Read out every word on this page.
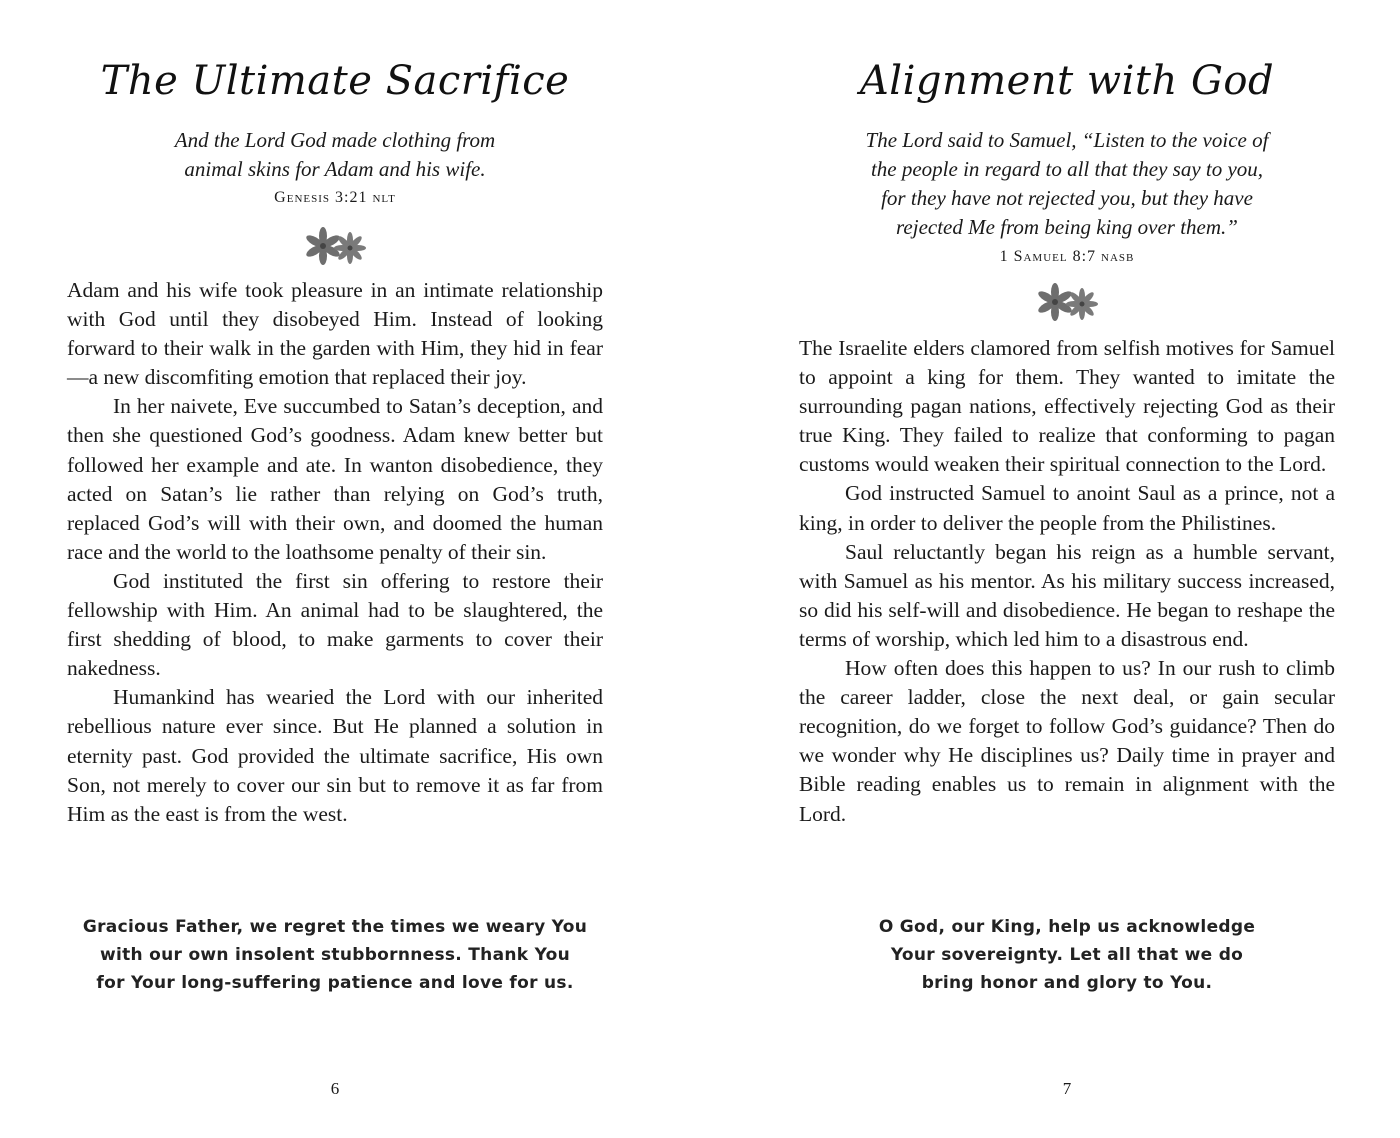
The Ultimate Sacrifice
And the Lord God made clothing from
animal skins for Adam and his wife.
Genesis 3:21 nlt

Adam and his wife took pleasure in an intimate relationship with God until they disobeyed Him. Instead of looking forward to their walk in the garden with Him, they hid in fear—a new discomfiting emotion that replaced their joy.

In her naivete, Eve succumbed to Satan’s deception, and then she questioned God’s goodness. Adam knew better but followed her example and ate. In wanton disobedience, they acted on Satan’s lie rather than relying on God’s truth, replaced God’s will with their own, and doomed the human race and the world to the loathsome penalty of their sin.

God instituted the first sin offering to restore their fellowship with Him. An animal had to be slaughtered, the first shedding of blood, to make garments to cover their nakedness.

Humankind has wearied the Lord with our inherited rebellious nature ever since. But He planned a solution in eternity past. God provided the ultimate sacrifice, His own Son, not merely to cover our sin but to remove it as far from Him as the east is from the west.

Gracious Father, we regret the times we weary You
with our own insolent stubbornness. Thank You
for Your long-suffering patience and love for us.
6
Alignment with God
The Lord said to Samuel, “Listen to the voice of
the people in regard to all that they say to you,
for they have not rejected you, but they have
rejected Me from being king over them.”
1 Samuel 8:7 nasb

The Israelite elders clamored from selfish motives for Samuel to appoint a king for them. They wanted to imitate the surrounding pagan nations, effectively rejecting God as their true King. They failed to realize that conforming to pagan customs would weaken their spiritual connection to the Lord.

God instructed Samuel to anoint Saul as a prince, not a king, in order to deliver the people from the Philistines.

Saul reluctantly began his reign as a humble servant, with Samuel as his mentor. As his military success increased, so did his self-will and disobedience. He began to reshape the terms of worship, which led him to a disastrous end.

How often does this happen to us? In our rush to climb the career ladder, close the next deal, or gain secular recognition, do we forget to follow God’s guidance? Then do we wonder why He disciplines us? Daily time in prayer and Bible reading enables us to remain in alignment with the Lord.

O God, our King, help us acknowledge
Your sovereignty. Let all that we do
bring honor and glory to You.
7
